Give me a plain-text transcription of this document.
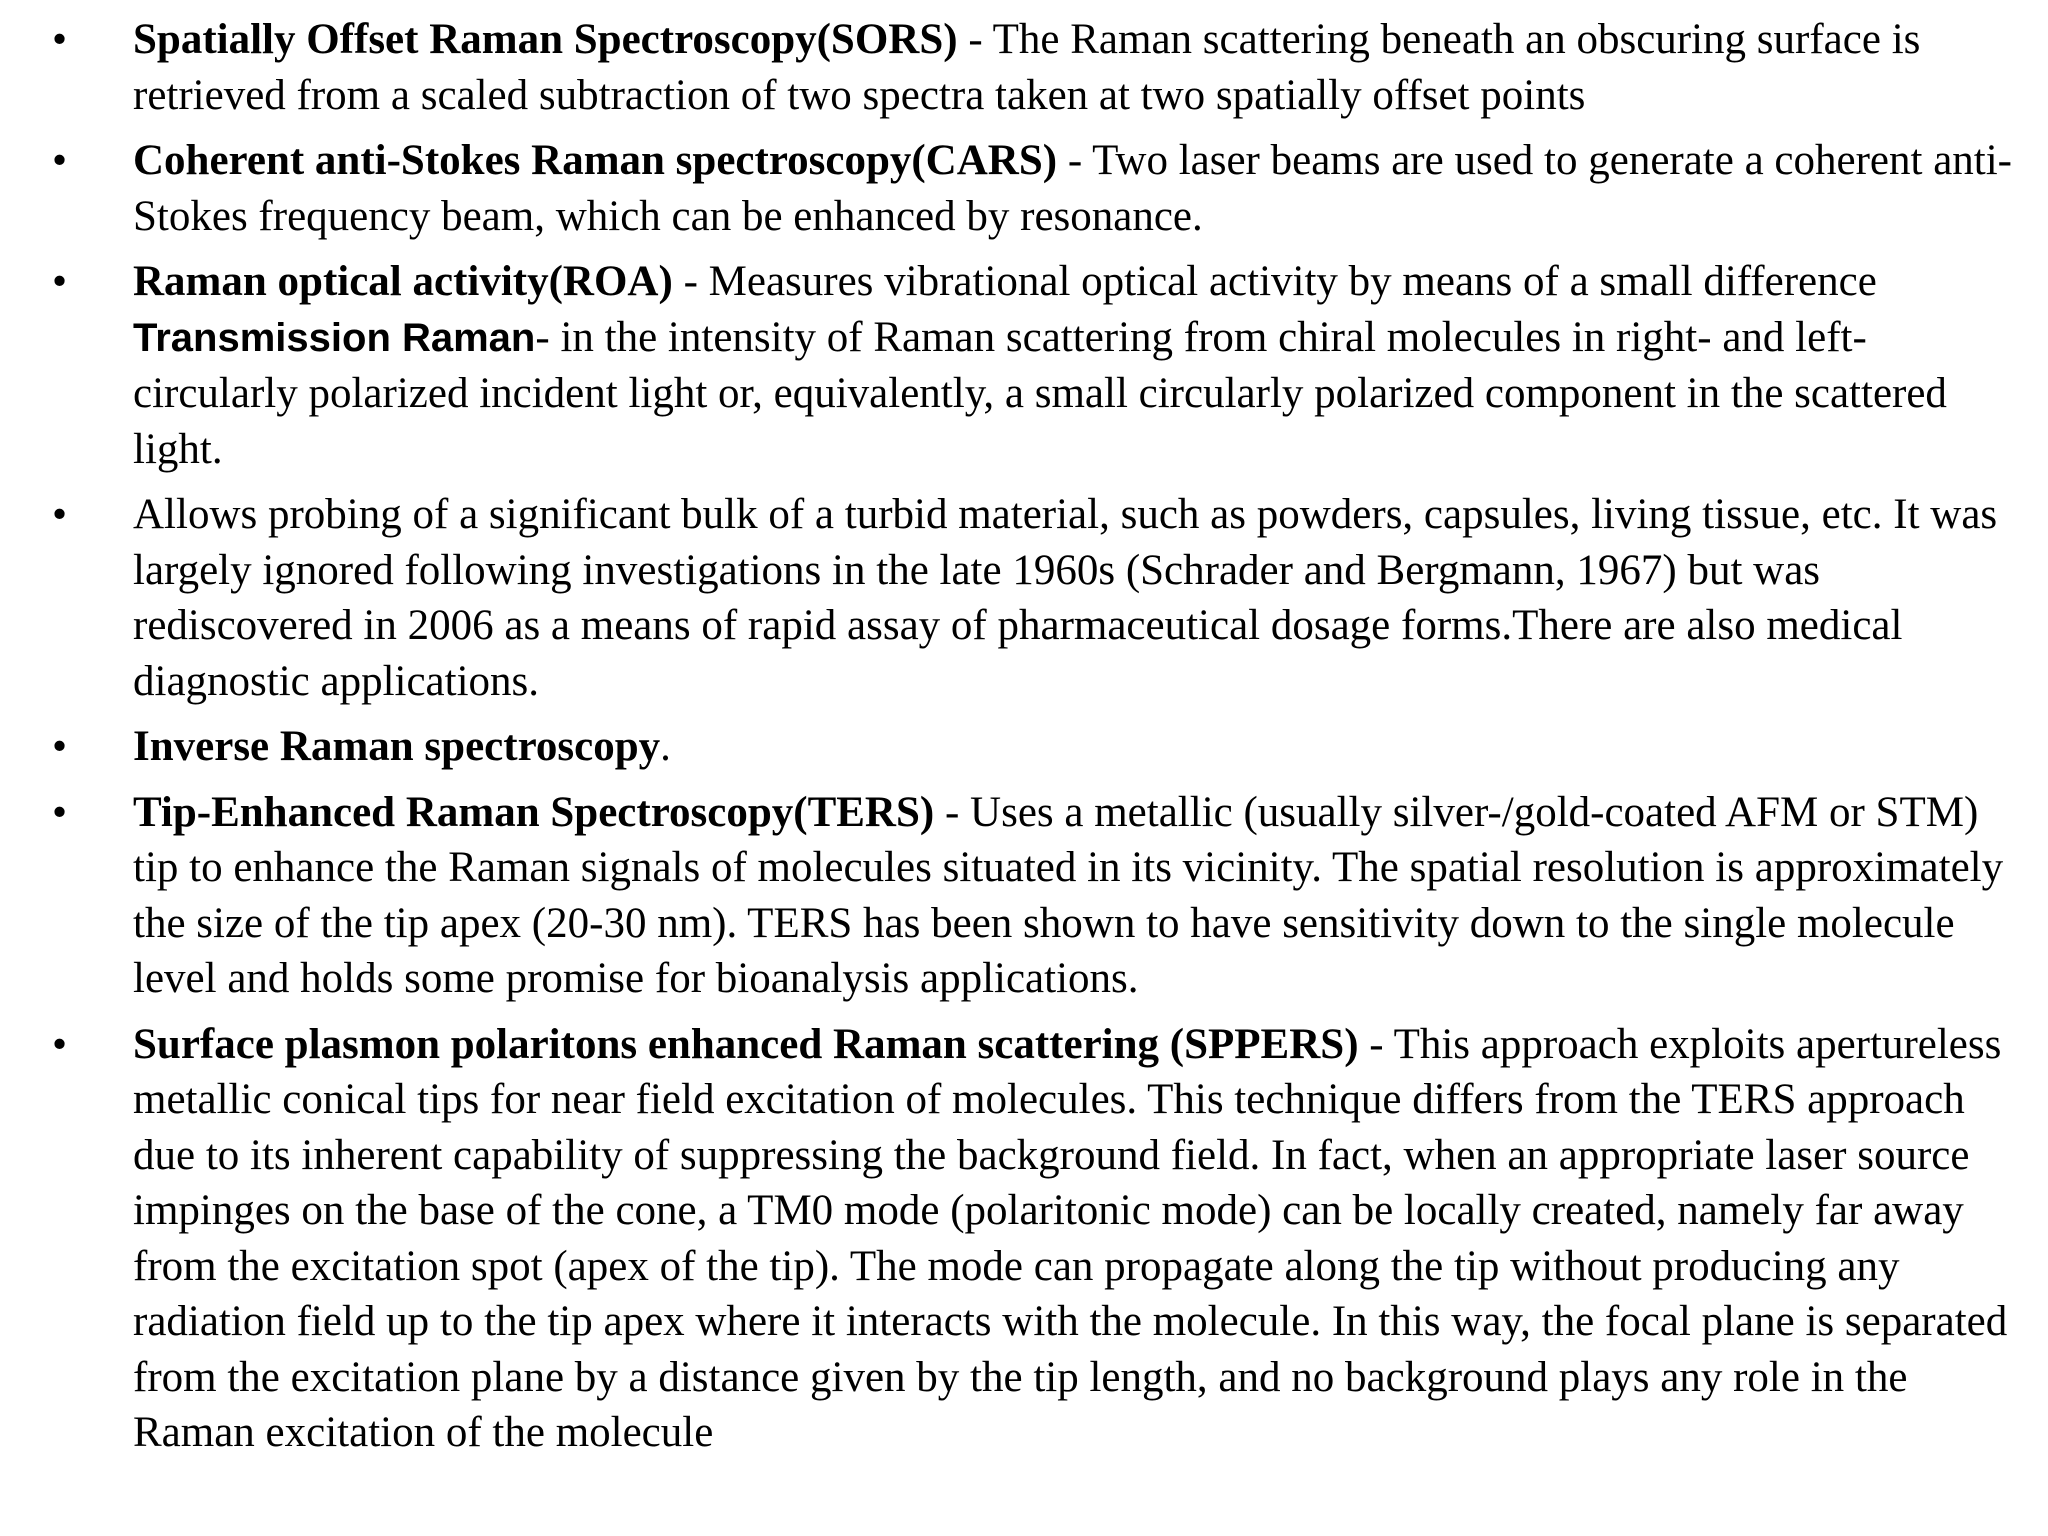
•	Spatially Offset Raman Spectroscopy(SORS) - The Raman scattering beneath an obscuring surface is retrieved from a scaled subtraction of two spectra taken at two spatially offset points
•	Coherent anti-Stokes Raman spectroscopy(CARS) - Two laser beams are used to generate a coherent anti-Stokes frequency beam, which can be enhanced by resonance.
•	Raman optical activity(ROA) - Measures vibrational optical activity by means of a small difference Transmission Raman- in the intensity of Raman scattering from chiral molecules in right- and left-circularly polarized incident light or, equivalently, a small circularly polarized component in the scattered light.
•	Allows probing of a significant bulk of a turbid material, such as powders, capsules, living tissue, etc. It was largely ignored following investigations in the late 1960s (Schrader and Bergmann, 1967) but was rediscovered in 2006 as a means of rapid assay of pharmaceutical dosage forms.There are also medical diagnostic applications.
•	Inverse Raman spectroscopy.
•	Tip-Enhanced Raman Spectroscopy(TERS) - Uses a metallic (usually silver-/gold-coated AFM or STM) tip to enhance the Raman signals of molecules situated in its vicinity. The spatial resolution is approximately the size of the tip apex (20-30 nm). TERS has been shown to have sensitivity down to the single molecule level and holds some promise for bioanalysis applications.
•	Surface plasmon polaritons enhanced Raman scattering (SPPERS) - This approach exploits apertureless metallic conical tips for near field excitation of molecules. This technique differs from the TERS approach due to its inherent capability of suppressing the background field. In fact, when an appropriate laser source impinges on the base of the cone, a TM0 mode (polaritonic mode) can be locally created, namely far away from the excitation spot (apex of the tip). The mode can propagate along the tip without producing any radiation field up to the tip apex where it interacts with the molecule. In this way, the focal plane is separated from the excitation plane by a distance given by the tip length, and no background plays any role in the Raman excitation of the molecule
